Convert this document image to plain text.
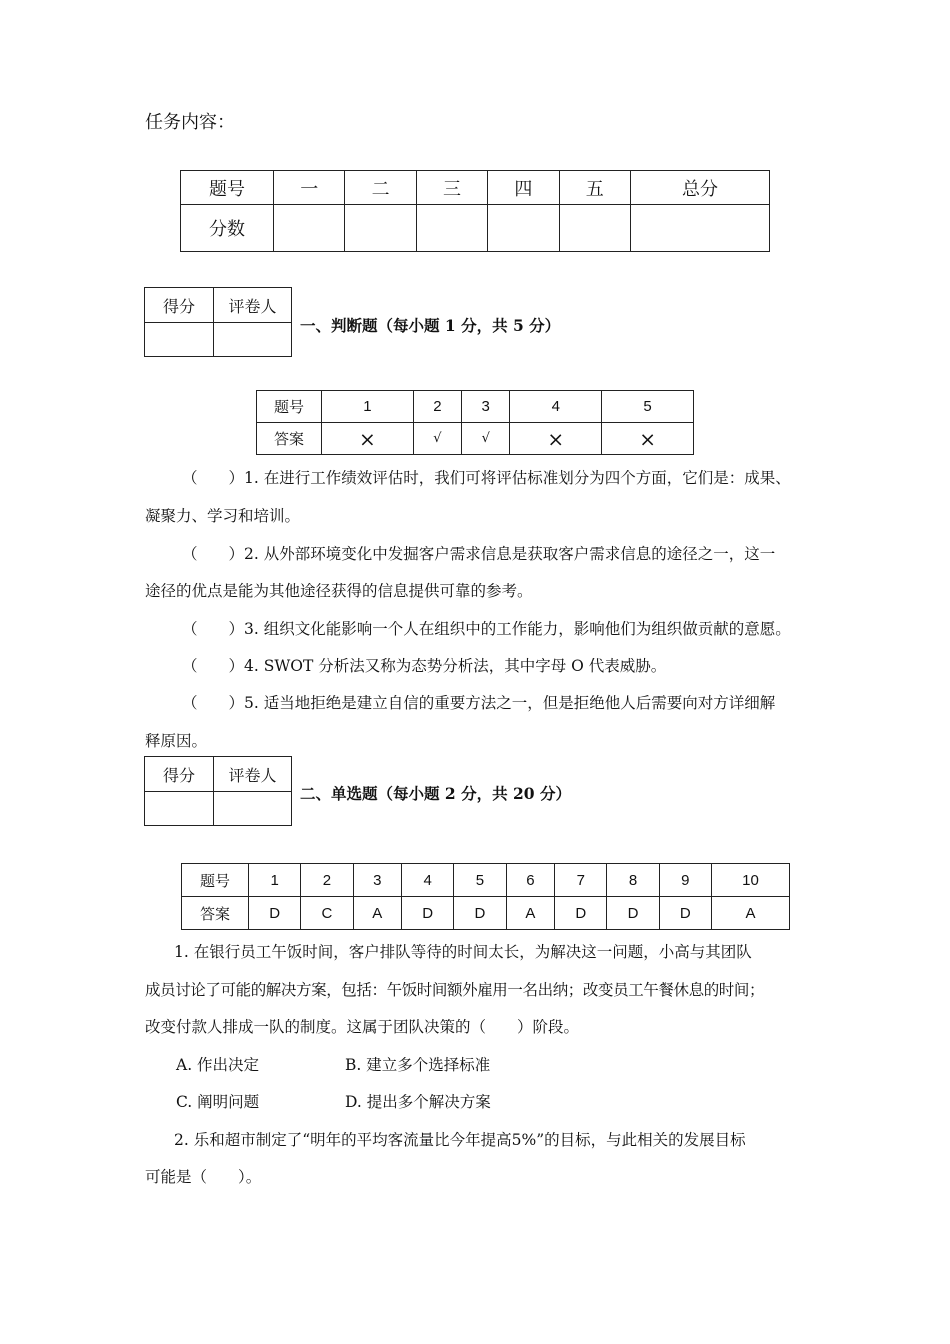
任务内容：
题号	一	二	三	四	五	总分
分数						
得分	评卷人

一、判断题（每小题 1 分，共 5 分）
题号	1	2	3	4	5
答案	×	√	√	×	×
（　　）1. 在进行工作绩效评估时，我们可将评估标准划分为四个方面，它们是：成果、
凝聚力、学习和培训。
（　　）2. 从外部环境变化中发掘客户需求信息是获取客户需求信息的途径之一，这一
途径的优点是能为其他途径获得的信息提供可靠的参考。
（　　）3. 组织文化能影响一个人在组织中的工作能力，影响他们为组织做贡献的意愿。
（　　）4. SWOT 分析法又称为态势分析法，其中字母 O 代表威胁。
（　　）5. 适当地拒绝是建立自信的重要方法之一，但是拒绝他人后需要向对方详细解
释原因。
得分	评卷人

二、单选题（每小题 2 分，共 20 分）
题号	1	2	3	4	5	6	7	8	9	10
答案	D	C	A	D	D	A	D	D	D	A
1. 在银行员工午饭时间，客户排队等待的时间太长，为解决这一问题，小高与其团队
成员讨论了可能的解决方案，包括：午饭时间额外雇用一名出纳；改变员工午餐休息的时间；
改变付款人排成一队的制度。这属于团队决策的（　　）阶段。
A. 作出决定	B. 建立多个选择标准
C. 阐明问题	D. 提出多个解决方案
2. 乐和超市制定了“明年的平均客流量比今年提高5%”的目标，与此相关的发展目标
可能是（　　）。
